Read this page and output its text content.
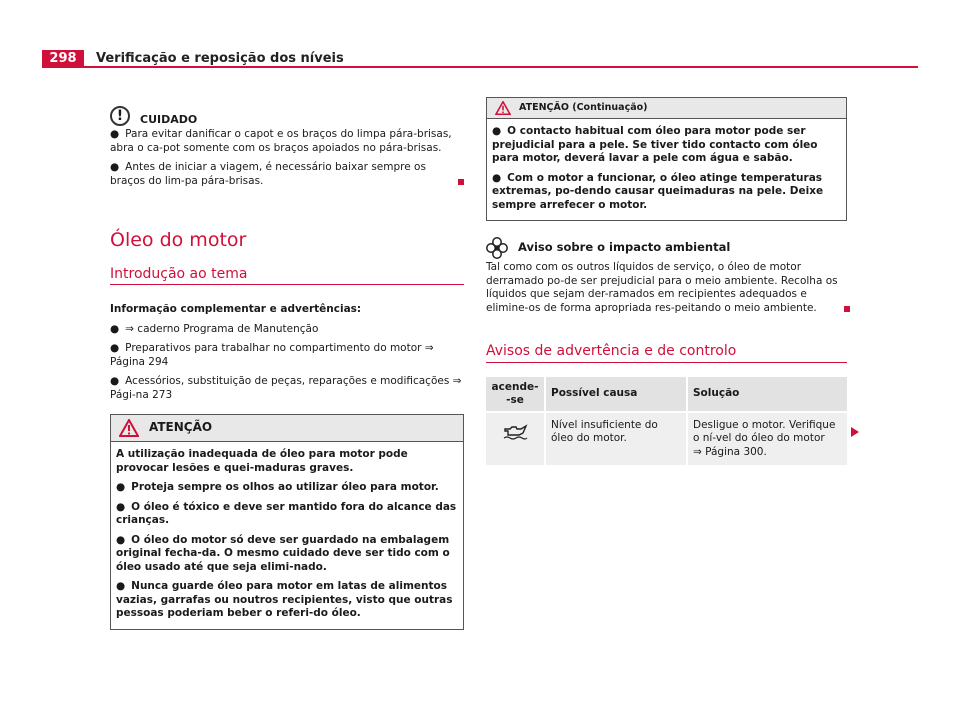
298	Verificação e reposição dos níveis
!	CUIDADO

● Para evitar danificar o capot e os braços do limpa pára-brisas, abra o ca-pot somente com os braços apoiados no pára-brisas.

● Antes de iniciar a viagem, é necessário baixar sempre os braços do lim-pa pára-brisas.

Óleo do motor
Introdução ao tema

Informação complementar e advertências:

● ⇒ caderno Programa de Manutenção

● Preparativos para trabalhar no compartimento do motor ⇒ Página 294

● Acessórios, substituição de peças, reparações e modificações ⇒ Pági-na 273

ATENÇÃO

A utilização inadequada de óleo para motor pode provocar lesões e quei-maduras graves.

● Proteja sempre os olhos ao utilizar óleo para motor.

● O óleo é tóxico e deve ser mantido fora do alcance das crianças.

● O óleo do motor só deve ser guardado na embalagem original fecha-da. O mesmo cuidado deve ser tido com o óleo usado até que seja elimi-nado.

● Nunca guarde óleo para motor em latas de alimentos vazias, garrafas ou noutros recipientes, visto que outras pessoas poderiam beber o referi-do óleo.

ATENÇÃO (Continuação)

● O contacto habitual com óleo para motor pode ser prejudicial para a pele. Se tiver tido contacto com óleo para motor, deverá lavar a pele com água e sabão.

● Com o motor a funcionar, o óleo atinge temperaturas extremas, po-dendo causar queimaduras na pele. Deixe sempre arrefecer o motor.

Aviso sobre o impacto ambiental

Tal como com os outros líquidos de serviço, o óleo de motor derramado po-de ser prejudicial para o meio ambiente. Recolha os líquidos que sejam der-ramados em recipientes adequados e elimine-os de forma apropriada res-peitando o meio ambiente.

Avisos de advertência e de controlo
acende-
-se	Possível causa	Solução
	Nível insuficiente do óleo do motor.	Desligue o motor. Verifique o ní-vel do óleo do motor
⇒ Página 300.
